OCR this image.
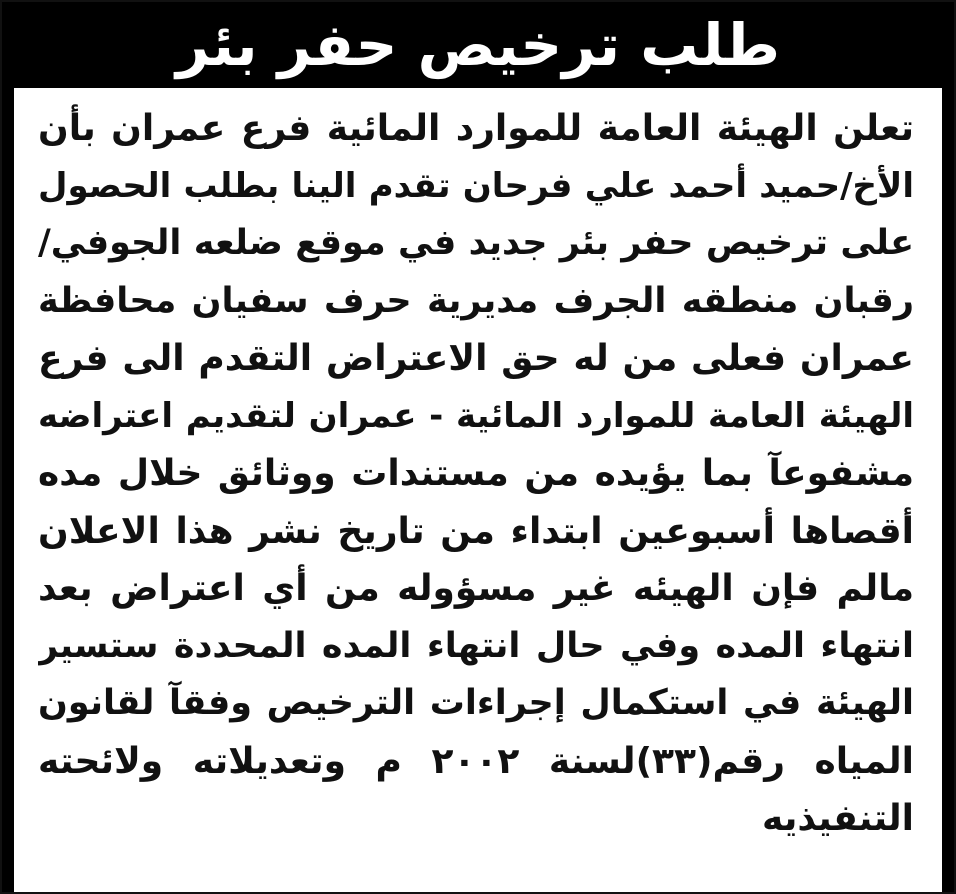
طلب ترخيص حفر بئر
تعلن الهيئة العامة للموارد المائية فرع عمران بأن
الأخ/حميد أحمد علي فرحان تقدم الينا بطلب الحصول
على ترخيص حفر بئر جديد في موقع ضلعه الجوفي/
رقبان منطقه الجرف مديرية حرف سفيان محافظة
عمران فعلى من له حق الاعتراض التقدم الى فرع
الهيئة العامة للموارد المائية - عمران لتقديم اعتراضه
مشفوعآ بما يؤيده من مستندات ووثائق خلال مده
أقصاها أسبوعين ابتداء من تاريخ نشر هذا الاعلان
مالم فإن الهيئه غير مسؤوله من أي اعتراض بعد
انتهاء المده وفي حال انتهاء المده المحددة ستسير
الهيئة في استكمال إجراءات الترخيص وفقآ لقانون
المياه رقم(٣٣)لسنة ٢٠٠٢ م وتعديلاته ولائحته
التنفيذيه
